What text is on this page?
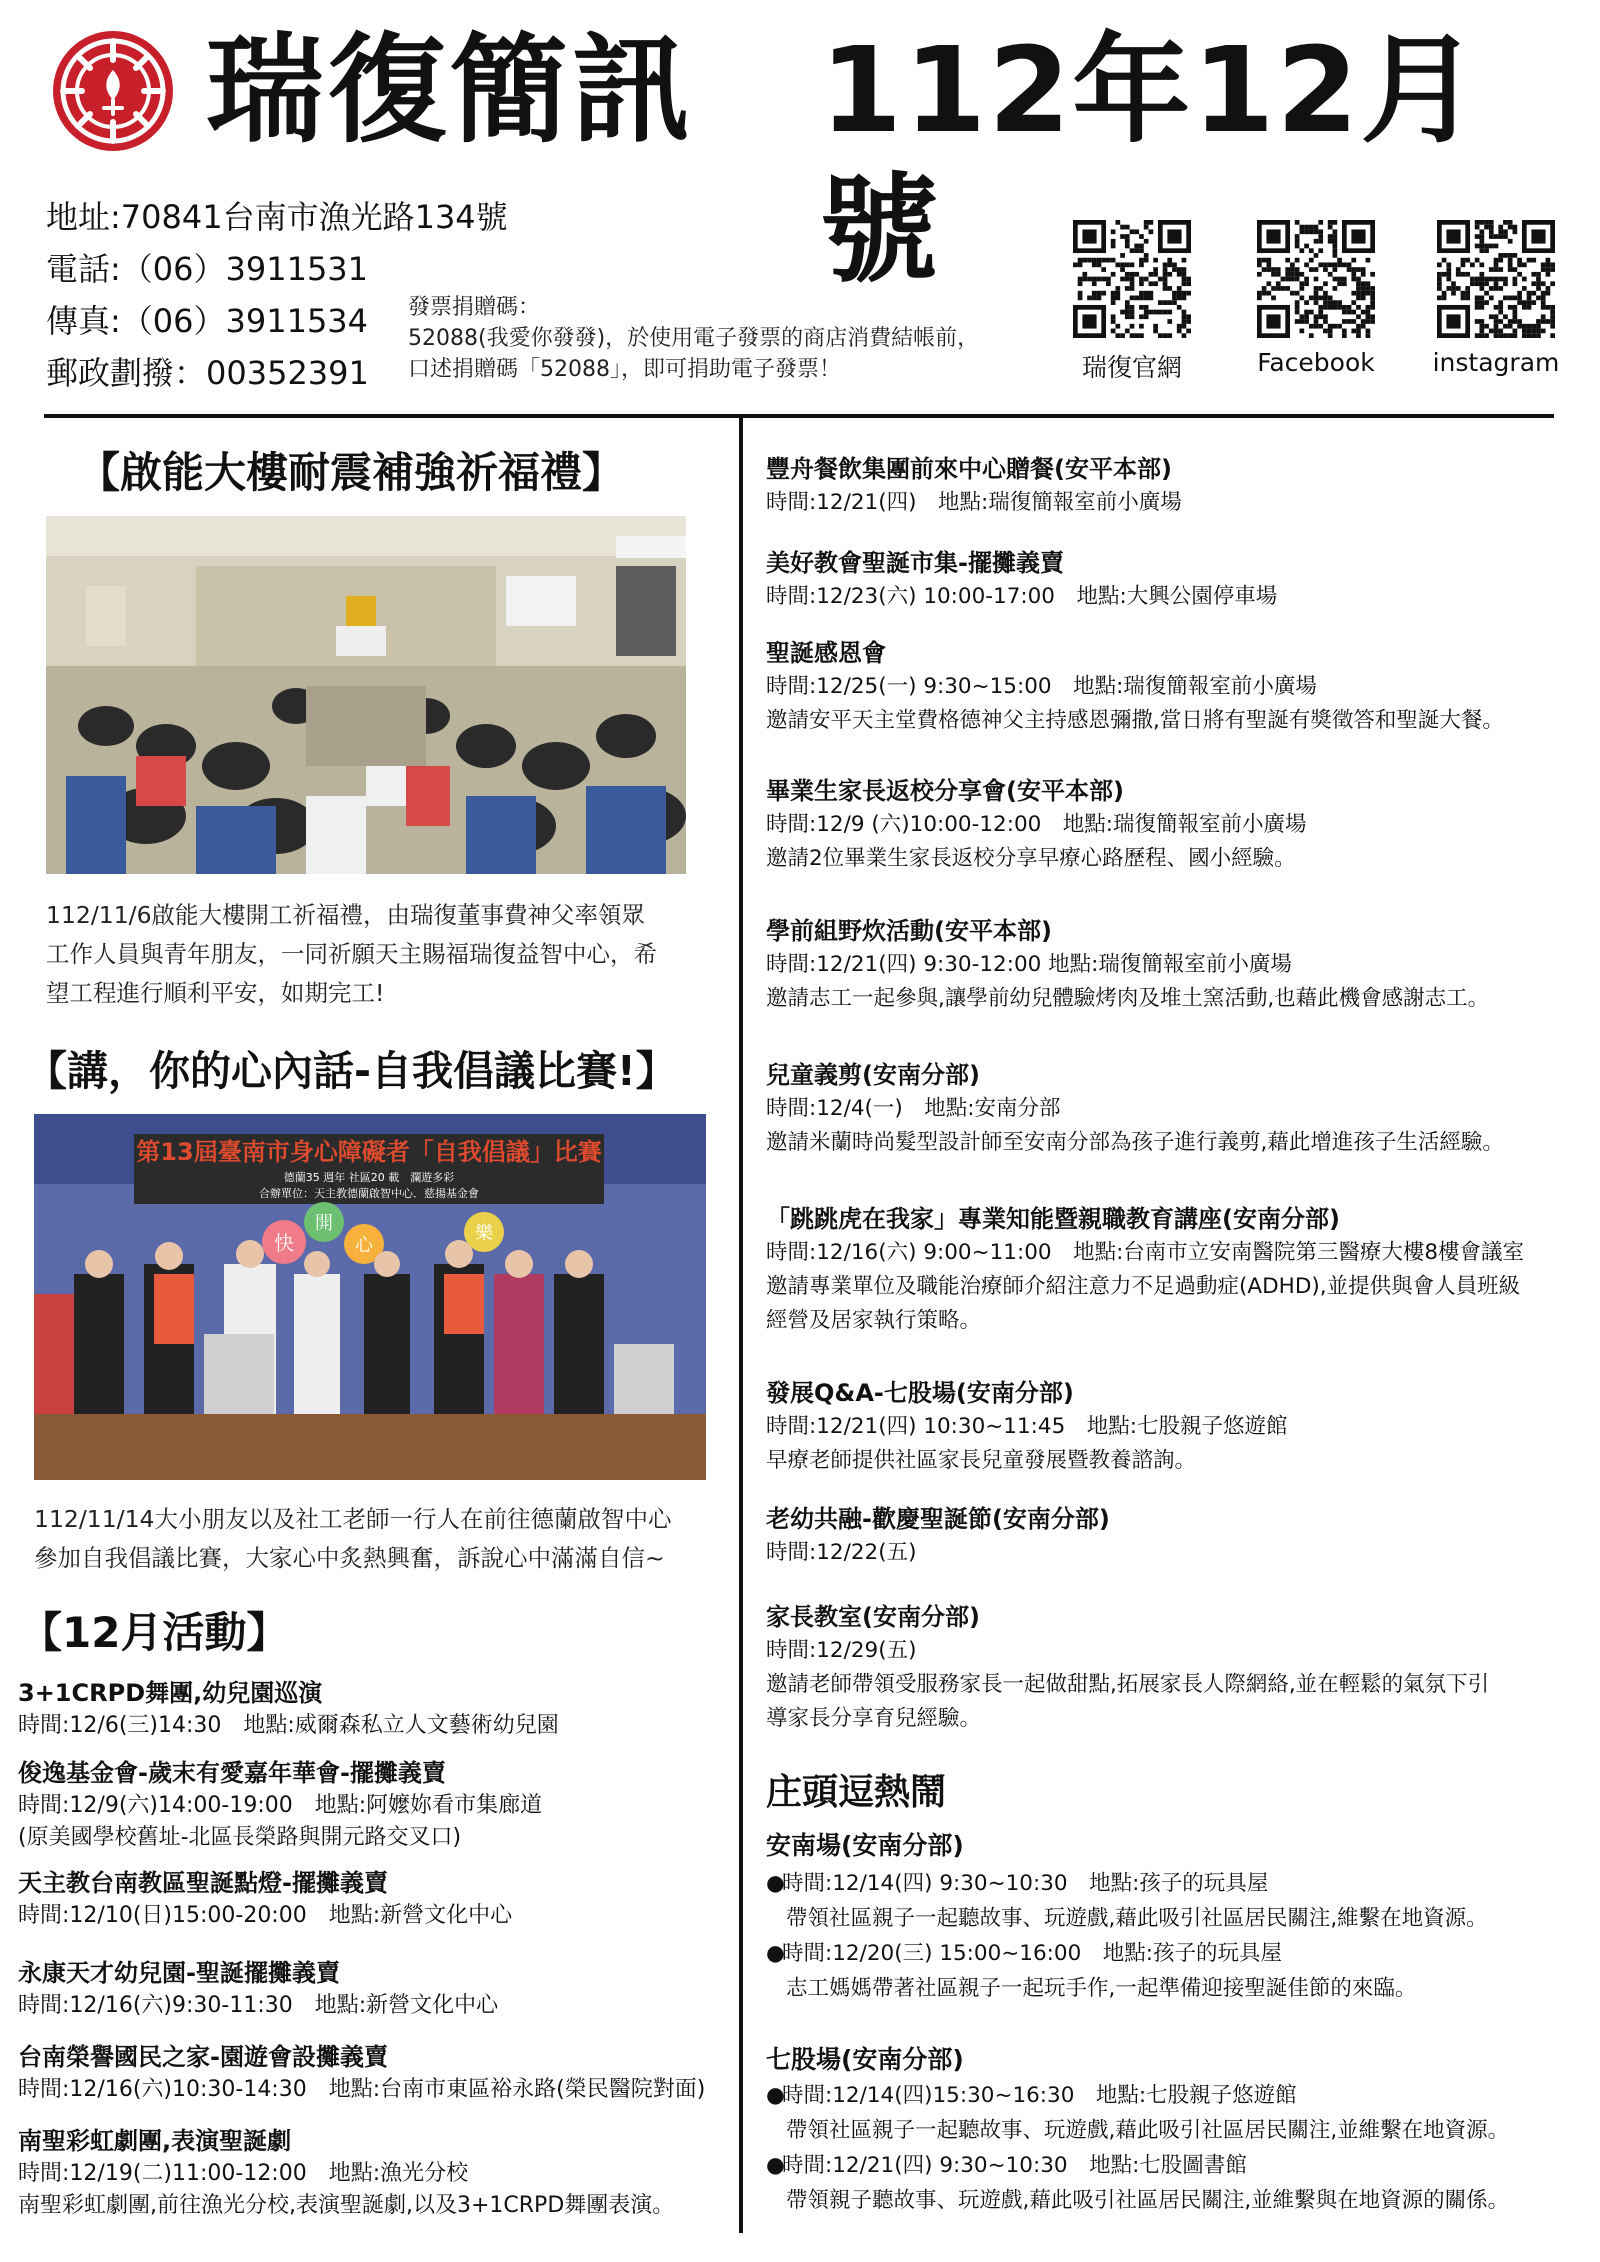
瑞復簡訊 112年12月號
地址:70841台南市漁光路134號
電話:（06）3911531
傳真:（06）3911534
郵政劃撥：00352391
發票捐贈碼：
52088(我愛你發發)，於使用電子發票的商店消費結帳前，
口述捐贈碼「52088」，即可捐助電子發票！	瑞復官網	Facebook	instagram
【啟能大樓耐震補強祈福禮】
112/11/6啟能大樓開工祈福禮，由瑞復董事費神父率領眾
工作人員與青年朋友，一同祈願天主賜福瑞復益智中心，希
望工程進行順利平安，如期完工!
【講，你的心內話-自我倡議比賽!】
第13屆臺南市身心障礙者「自我倡議」比賽
德蘭35 週年 社區20 載　瀾遊多彩
合辦單位：天主教德蘭啟智中心．慈揚基金會
快
開
心
樂
112/11/14大小朋友以及社工老師一行人在前往德蘭啟智中心
參加自我倡議比賽，大家心中炙熱興奮，訴說心中滿滿自信~
【12月活動】
3+1CRPD舞團,幼兒園巡演
時間:12/6(三)14:30　地點:威爾森私立人文藝術幼兒園
俊逸基金會-歲末有愛嘉年華會-擺攤義賣
時間:12/9(六)14:00-19:00　地點:阿嬤妳看市集廊道
(原美國學校舊址-北區長榮路與開元路交叉口)
天主教台南教區聖誕點燈-擺攤義賣
時間:12/10(日)15:00-20:00　地點:新營文化中心
永康天才幼兒園-聖誕擺攤義賣
時間:12/16(六)9:30-11:30　地點:新營文化中心
台南榮譽國民之家-園遊會設攤義賣
時間:12/16(六)10:30-14:30　地點:台南市東區裕永路(榮民醫院對面)
南聖彩虹劇團,表演聖誕劇
時間:12/19(二)11:00-12:00　地點:漁光分校
南聖彩虹劇團,前往漁光分校,表演聖誕劇,以及3+1CRPD舞團表演。
豐舟餐飲集團前來中心贈餐(安平本部)
時間:12/21(四)　地點:瑞復簡報室前小廣場
美好教會聖誕市集-擺攤義賣
時間:12/23(六) 10:00-17:00　地點:大興公園停車場
聖誕感恩會
時間:12/25(一) 9:30~15:00　地點:瑞復簡報室前小廣場
邀請安平天主堂費格德神父主持感恩彌撒,當日將有聖誕有獎徵答和聖誕大餐。
畢業生家長返校分享會(安平本部)
時間:12/9 (六)10:00-12:00　地點:瑞復簡報室前小廣場
邀請2位畢業生家長返校分享早療心路歷程、國小經驗。
學前組野炊活動(安平本部)
時間:12/21(四) 9:30-12:00 地點:瑞復簡報室前小廣場
邀請志工一起參與,讓學前幼兒體驗烤肉及堆土窯活動,也藉此機會感謝志工。
兒童義剪(安南分部)
時間:12/4(一)　地點:安南分部
邀請米蘭時尚髮型設計師至安南分部為孩子進行義剪,藉此增進孩子生活經驗。
「跳跳虎在我家」專業知能暨親職教育講座(安南分部)
時間:12/16(六) 9:00~11:00　地點:台南市立安南醫院第三醫療大樓8樓會議室
邀請專業單位及職能治療師介紹注意力不足過動症(ADHD),並提供與會人員班級
經營及居家執行策略。
發展Q&A-七股場(安南分部)
時間:12/21(四) 10:30~11:45　地點:七股親子悠遊館
早療老師提供社區家長兒童發展暨教養諮詢。
老幼共融-歡慶聖誕節(安南分部)
時間:12/22(五)
家長教室(安南分部)
時間:12/29(五)
邀請老師帶領受服務家長一起做甜點,拓展家長人際網絡,並在輕鬆的氣氛下引
導家長分享育兒經驗。
庄頭逗熱鬧
安南場(安南分部)
●時間:12/14(四) 9:30~10:30　地點:孩子的玩具屋
帶領社區親子一起聽故事、玩遊戲,藉此吸引社區居民關注,維繫在地資源。
●時間:12/20(三) 15:00~16:00　地點:孩子的玩具屋
志工媽媽帶著社區親子一起玩手作,一起準備迎接聖誕佳節的來臨。
七股場(安南分部)
●時間:12/14(四)15:30~16:30　地點:七股親子悠遊館
帶領社區親子一起聽故事、玩遊戲,藉此吸引社區居民關注,並維繫在地資源。
●時間:12/21(四) 9:30~10:30　地點:七股圖書館
帶領親子聽故事、玩遊戲,藉此吸引社區居民關注,並維繫與在地資源的關係。
